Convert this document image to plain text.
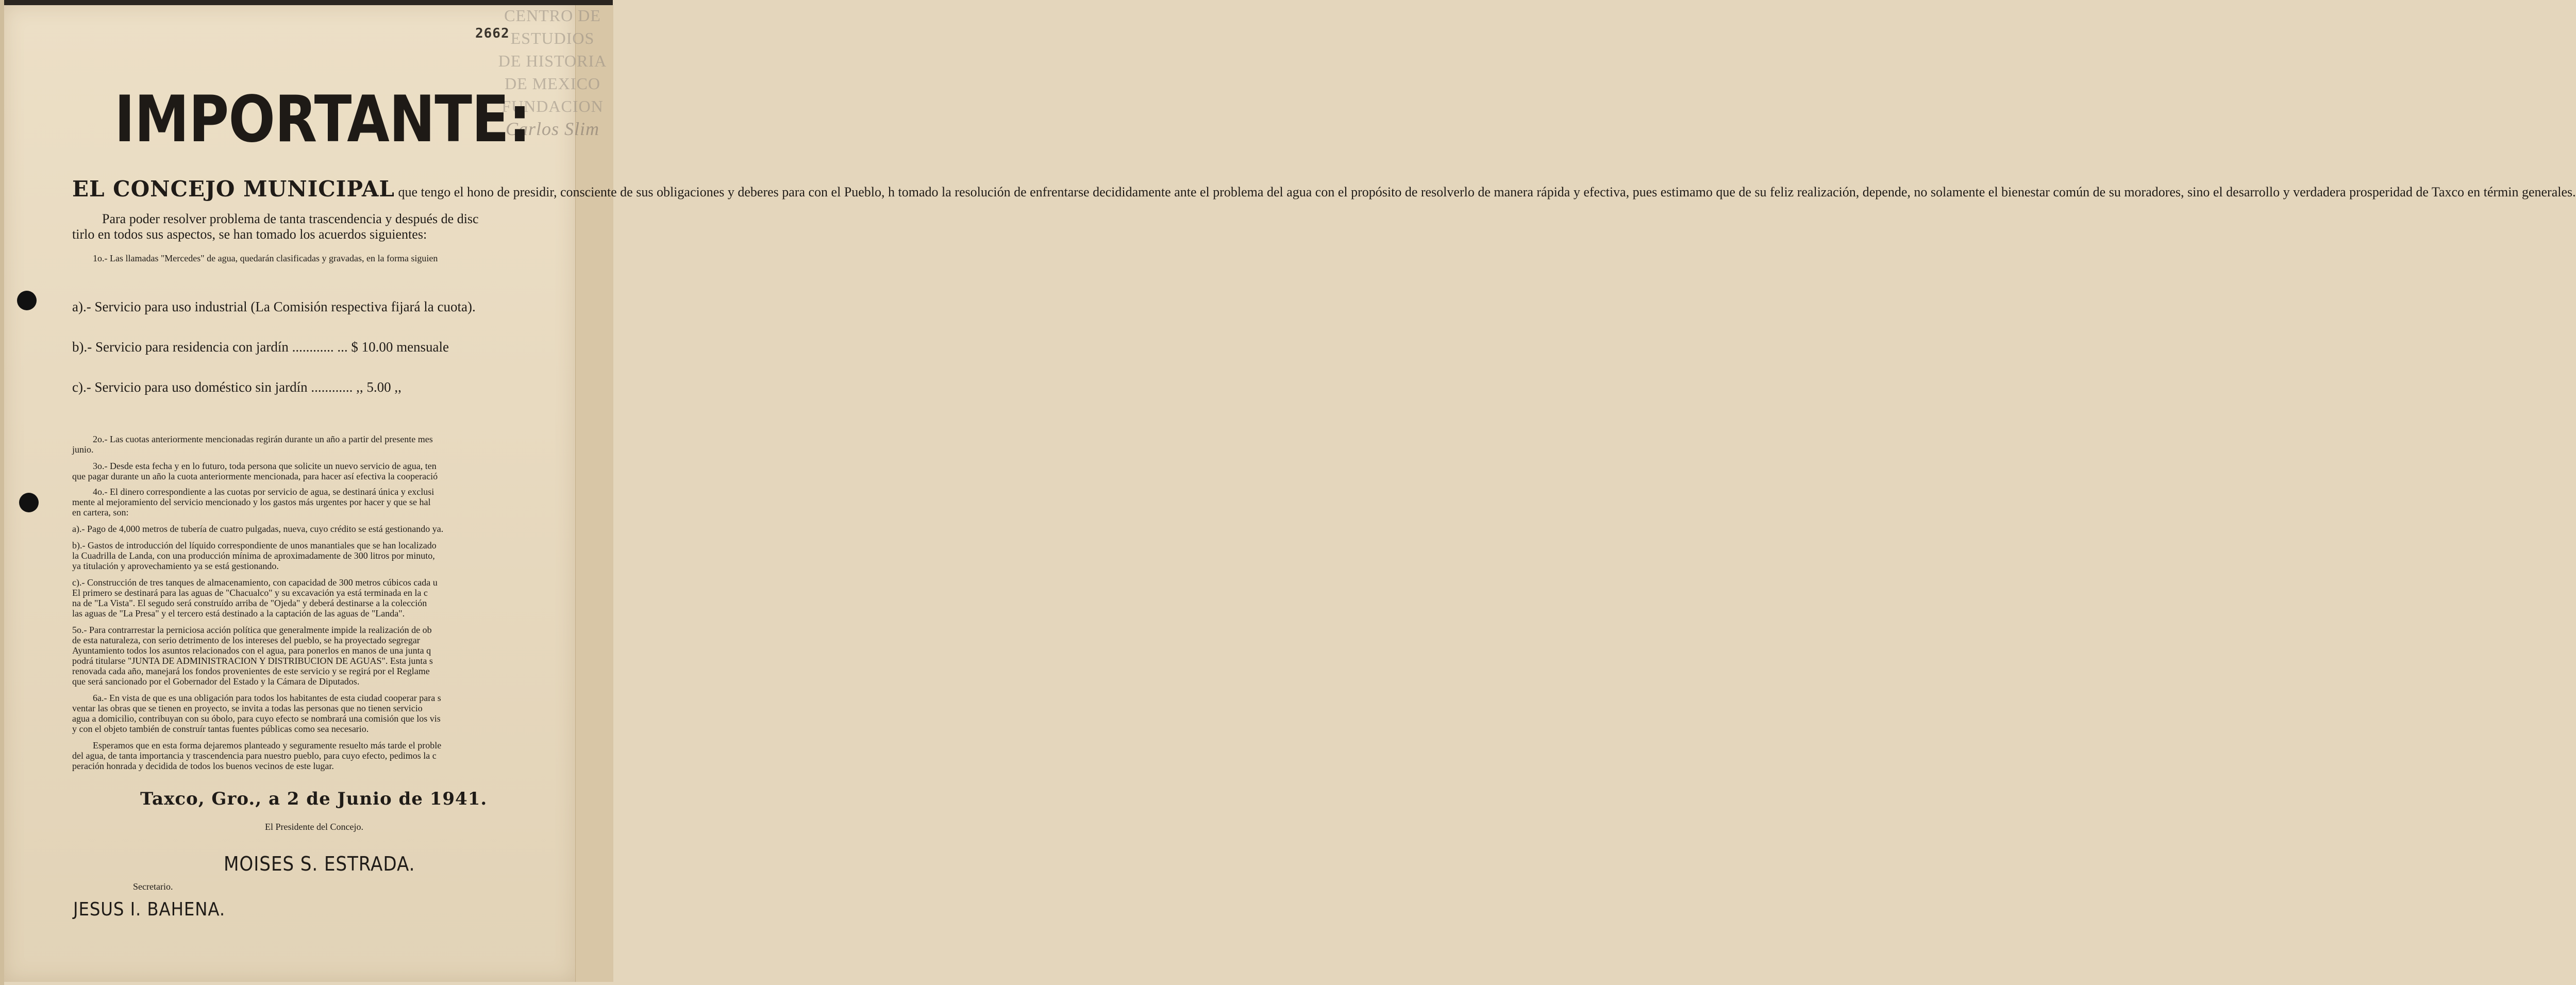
CENTRO DE
ESTUDIOS
DE HISTORIA
DE MEXICO
FUNDACION
Carlos Slim
2662
IMPORTANTE:
EL CONCEJO MUNICIPAL que tengo el hono de presidir, consciente de sus obligaciones y deberes para con el Pueblo, h tomado la resolución de enfrentarse decididamente ante el problema del agua con el propósito de resolverlo de manera rápida y efectiva, pues estimamo que de su feliz realización, depende, no solamente el bienestar común de su moradores, sino el desarrollo y verdadera prosperidad de Taxco en términ generales.
Para poder resolver problema de tanta trascendencia y después de disc
tirlo en todos sus aspectos, se han tomado los acuerdos siguientes:
1o.- Las llamadas "Mercedes" de agua, quedarán clasificadas y gravadas, en la forma siguien

a).- Servicio para uso industrial (La Comisión respectiva fijará la cuota).

b).- Servicio para residencia con jardín ............ ... $ 10.00 mensuale

c).- Servicio para uso doméstico sin jardín ............ ,, 5.00 ,,

2o.- Las cuotas anteriormente mencionadas regirán durante un año a partir del presente mes
junio.
3o.- Desde esta fecha y en lo futuro, toda persona que solicite un nuevo servicio de agua, ten
que pagar durante un año la cuota anteriormente mencionada, para hacer así efectiva la cooperació
4o.- El dinero correspondiente a las cuotas por servicio de agua, se destinará única y exclusi
mente al mejoramiento del servicio mencionado y los gastos más urgentes por hacer y que se hal
en cartera, son:
a).- Pago de 4,000 metros de tubería de cuatro pulgadas, nueva, cuyo crédito se está gestionando ya.
b).- Gastos de introducción del líquido correspondiente de unos manantiales que se han localizado
la Cuadrilla de Landa, con una producción mínima de aproximadamente de 300 litros por minuto,
ya titulación y aprovechamiento ya se está gestionando.
c).- Construcción de tres tanques de almacenamiento, con capacidad de 300 metros cúbicos cada u
El primero se destinará para las aguas de "Chacualco" y su excavación ya está terminada en la c
na de "La Vista". El segudo será construído arriba de "Ojeda" y deberá destinarse a la colección
las aguas de "La Presa" y el tercero está destinado a la captación de las aguas de "Landa".
5o.- Para contrarrestar la perniciosa acción política que generalmente impide la realización de ob
de esta naturaleza, con serio detrimento de los intereses del pueblo, se ha proyectado segregar
Ayuntamiento todos los asuntos relacionados con el agua, para ponerlos en manos de una junta q
podrá titularse "JUNTA DE ADMINISTRACION Y DISTRIBUCION DE AGUAS". Esta junta s
renovada cada año, manejará los fondos provenientes de este servicio y se regirá por el Reglame
que será sancionado por el Gobernador del Estado y la Cámara de Diputados.
6a.- En vista de que es una obligación para todos los habitantes de esta ciudad cooperar para s
ventar las obras que se tienen en proyecto, se invita a todas las personas que no tienen servicio
agua a domicilio, contribuyan con su óbolo, para cuyo efecto se nombrará una comisión que los vis
y con el objeto también de construír tantas fuentes públicas como sea necesario.
Esperamos que en esta forma dejaremos planteado y seguramente resuelto más tarde el proble
del agua, de tanta importancia y trascendencia para nuestro pueblo, para cuyo efecto, pedimos la c
peración honrada y decidida de todos los buenos vecinos de este lugar.
Taxco, Gro., a 2 de Junio de 1941.
El Presidente del Concejo.
MOISES S. ESTRADA.
Secretario.
JESUS I. BAHENA.
